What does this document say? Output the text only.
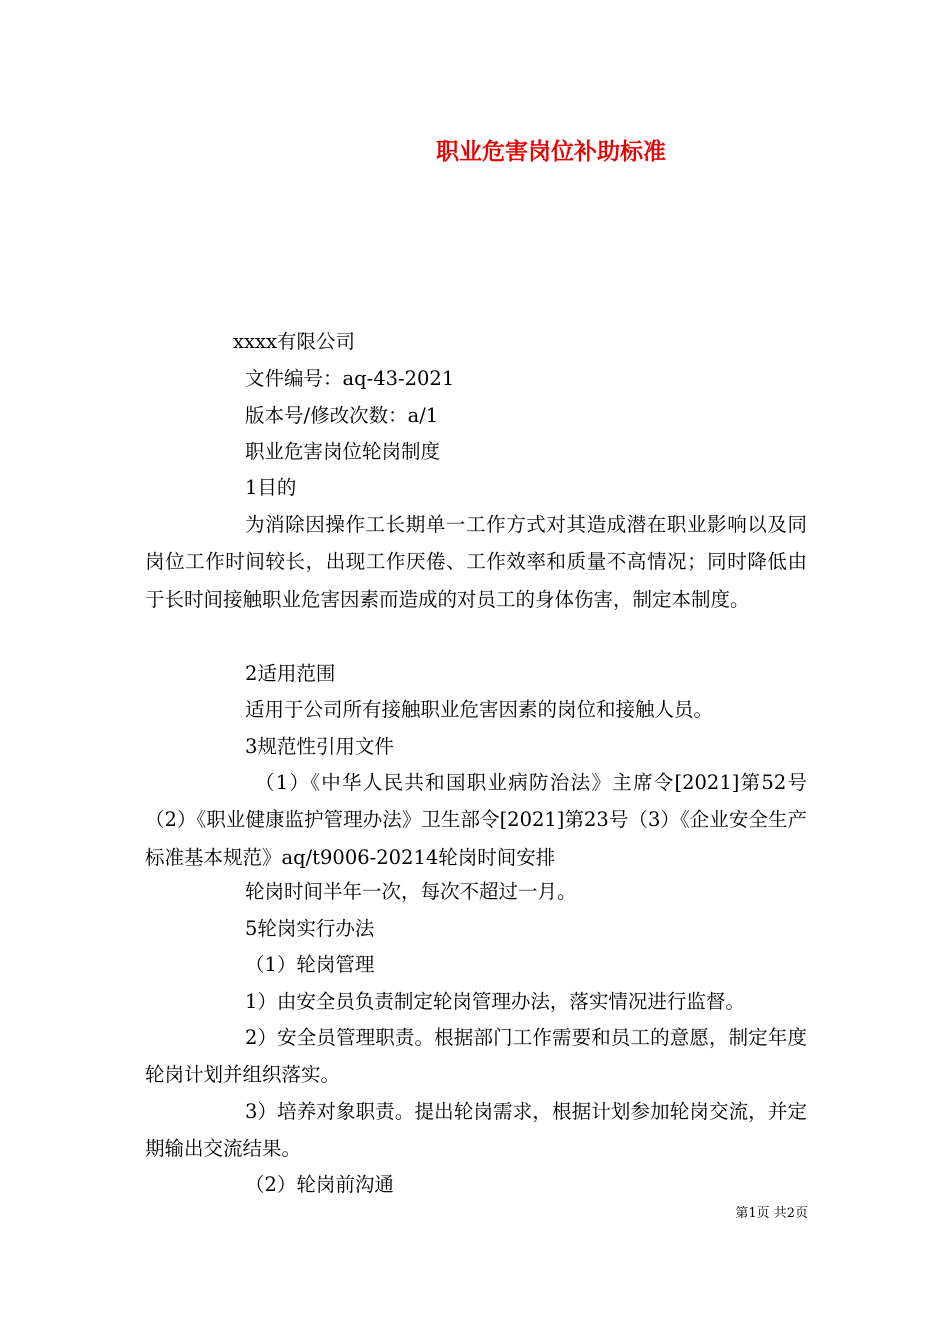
职业危害岗位补助标准

xxxx有限公司

文件编号：aq-43-2021

版本号/修改次数：a/1

职业危害岗位轮岗制度

1目的

为消除因操作工长期单一工作方式对其造成潜在职业影响以及同岗位工作时间较长，出现工作厌倦、工作效率和质量不高情况；同时降低由于长时间接触职业危害因素而造成的对员工的身体伤害，制定本制度。

2适用范围

适用于公司所有接触职业危害因素的岗位和接触人员。

3规范性引用文件

（1）《中华人民共和国职业病防治法》主席令[2021]第52号（2）《职业健康监护管理办法》卫生部令[2021]第23号（3）《企业安全生产标准基本规范》aq/t9006-20214轮岗时间安排

轮岗时间半年一次，每次不超过一月。

5轮岗实行办法

（1）轮岗管理

1）由安全员负责制定轮岗管理办法，落实情况进行监督。

2）安全员管理职责。根据部门工作需要和员工的意愿，制定年度轮岗计划并组织落实。

3）培养对象职责。提出轮岗需求，根据计划参加轮岗交流，并定期输出交流结果。

（2）轮岗前沟通

第1页 共2页
